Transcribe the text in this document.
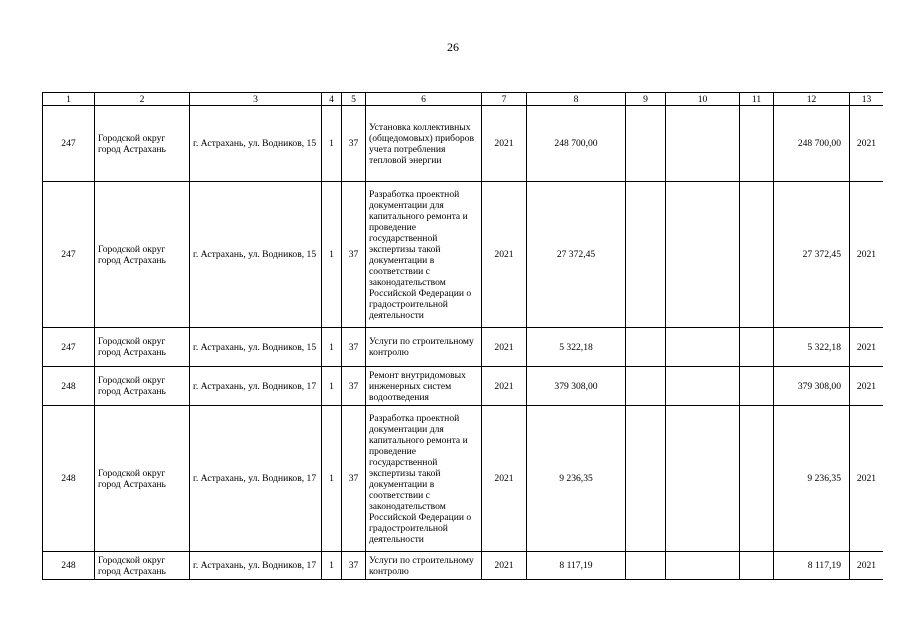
26
1	2	3	4	5	6	7	8	9	10	11	12	13
247	Городской округ город Астрахань	г. Астрахань, ул. Водников, 15	1	37	Установка коллективных (общедомовых) приборов учета потребления тепловой энергии	2021	248 700,00				248 700,00	2021
247	Городской округ город Астрахань	г. Астрахань, ул. Водников, 15	1	37	Разработка проектной документации для капитального ремонта и проведение государственной экспертизы такой документации в соответствии с законодательством Российской Федерации о градостроительной деятельности	2021	27 372,45				27 372,45	2021
247	Городской округ город Астрахань	г. Астрахань, ул. Водников, 15	1	37	Услуги по строительному контролю	2021	5 322,18				5 322,18	2021
248	Городской округ город Астрахань	г. Астрахань, ул. Водников, 17	1	37	Ремонт внутридомовых инженерных систем водоотведения	2021	379 308,00				379 308,00	2021
248	Городской округ город Астрахань	г. Астрахань, ул. Водников, 17	1	37	Разработка проектной документации для капитального ремонта и проведение государственной экспертизы такой документации в соответствии с законодательством Российской Федерации о градостроительной деятельности	2021	9 236,35				9 236,35	2021
248	Городской округ город Астрахань	г. Астрахань, ул. Водников, 17	1	37	Услуги по строительному контролю	2021	8 117,19				8 117,19	2021
